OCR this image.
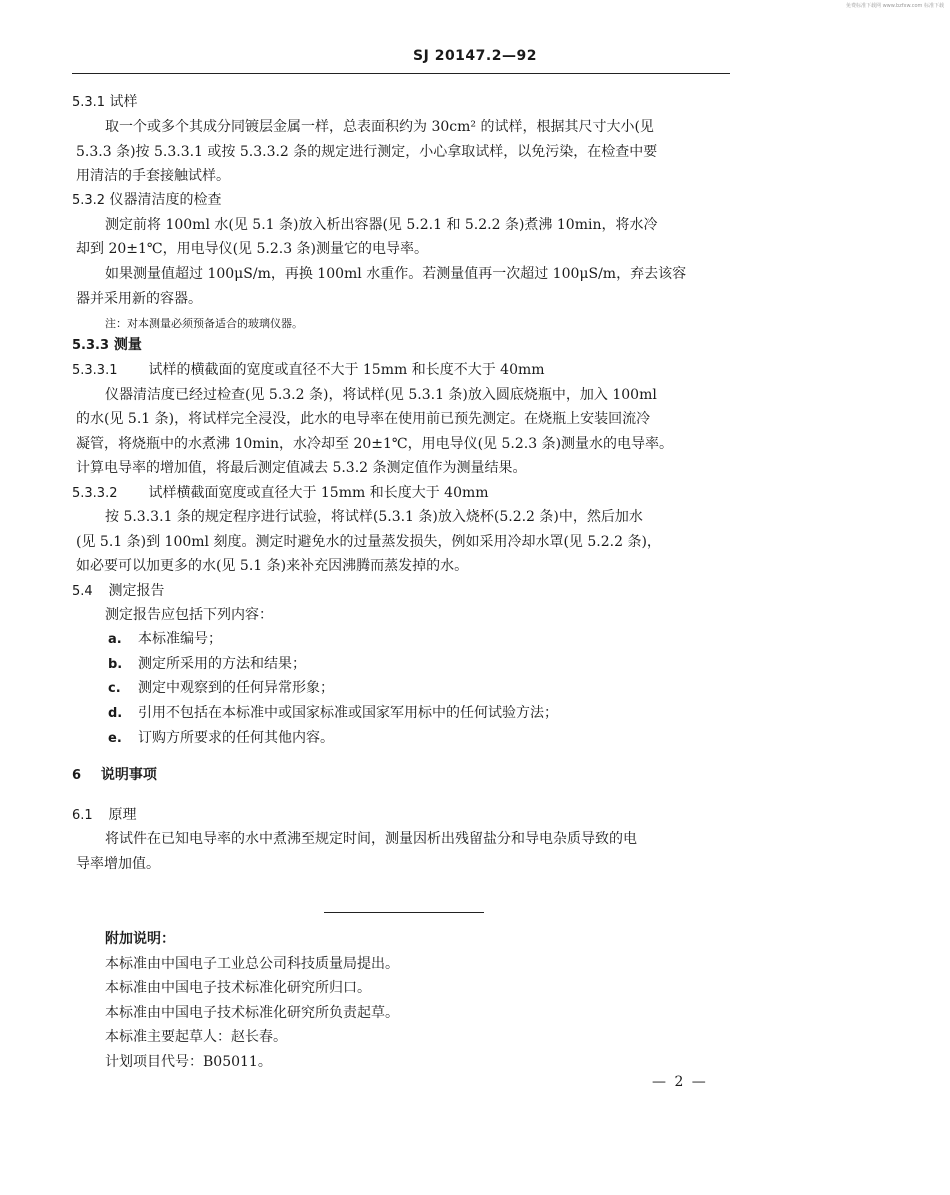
免费标准下载网 www.bzfxw.com 标准下载
SJ 20147.2—92
5.3.1 试样
取一个或多个其成分同镀层金属一样，总表面积约为 30cm² 的试样，根据其尺寸大小(见
5.3.3 条)按 5.3.3.1 或按 5.3.3.2 条的规定进行测定，小心拿取试样，以免污染，在检查中要
用清洁的手套接触试样。
5.3.2 仪器清洁度的检查
测定前将 100ml 水(见 5.1 条)放入析出容器(见 5.2.1 和 5.2.2 条)煮沸 10min，将水冷
却到 20±1℃，用电导仪(见 5.2.3 条)测量它的电导率。
如果测量值超过 100μS/m，再换 100ml 水重作。若测量值再一次超过 100μS/m，弃去该容
器并采用新的容器。
注：对本测量必须预备适合的玻璃仪器。
5.3.3 测量
5.3.3.1 试样的横截面的宽度或直径不大于 15mm 和长度不大于 40mm
仪器清洁度已经过检查(见 5.3.2 条)，将试样(见 5.3.1 条)放入圆底烧瓶中，加入 100ml
的水(见 5.1 条)，将试样完全浸没，此水的电导率在使用前已预先测定。在烧瓶上安装回流冷
凝管，将烧瓶中的水煮沸 10min，水冷却至 20±1℃，用电导仪(见 5.2.3 条)测量水的电导率。
计算电导率的增加值，将最后测定值减去 5.3.2 条测定值作为测量结果。
5.3.3.2 试样横截面宽度或直径大于 15mm 和长度大于 40mm
按 5.3.3.1 条的规定程序进行试验，将试样(5.3.1 条)放入烧杯(5.2.2 条)中，然后加水
(见 5.1 条)到 100ml 刻度。测定时避免水的过量蒸发损失，例如采用冷却水罩(见 5.2.2 条)，
如必要可以加更多的水(见 5.1 条)来补充因沸腾而蒸发掉的水。
5.4 测定报告
测定报告应包括下列内容：
a. 本标准编号；
b. 测定所采用的方法和结果；
c. 测定中观察到的任何异常形象；
d. 引用不包括在本标准中或国家标准或国家军用标中的任何试验方法；
e. 订购方所要求的任何其他内容。
6 说明事项
6.1 原理
将试件在已知电导率的水中煮沸至规定时间，测量因析出残留盐分和导电杂质导致的电
导率增加值。
附加说明：
本标准由中国电子工业总公司科技质量局提出。
本标准由中国电子技术标准化研究所归口。
本标准由中国电子技术标准化研究所负责起草。
本标准主要起草人：赵长春。
计划项目代号：B05011。
— 2 —
